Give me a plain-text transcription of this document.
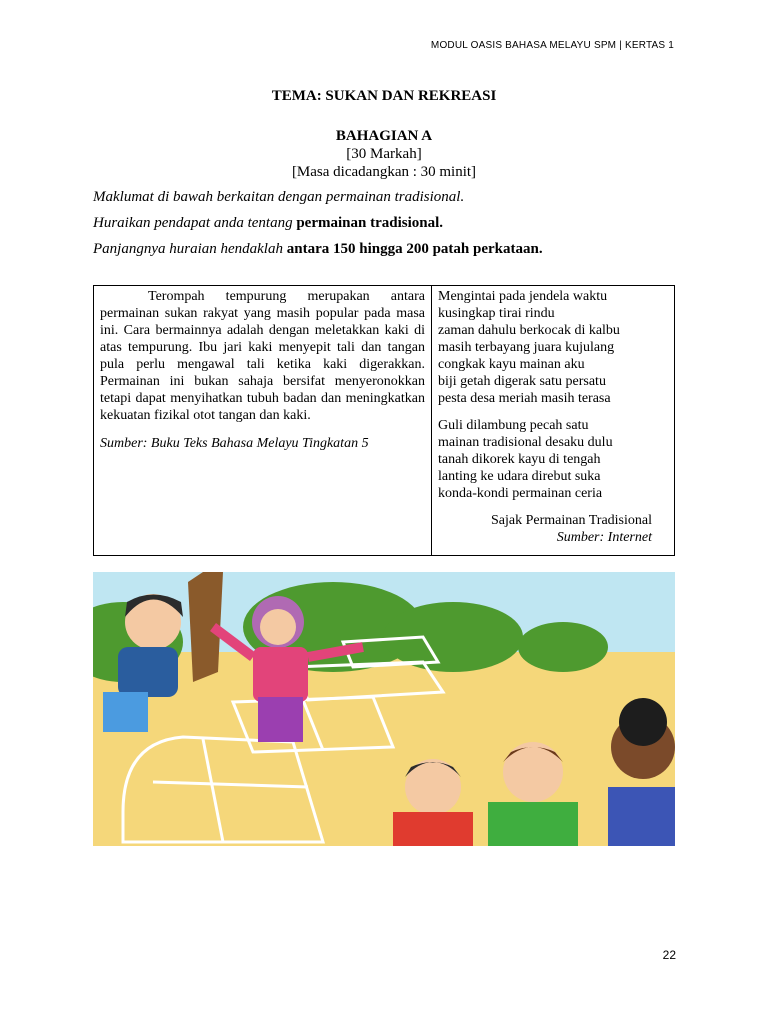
MODUL OASIS BAHASA MELAYU SPM | KERTAS 1
TEMA: SUKAN DAN REKREASI
BAHAGIAN A
[30 Markah]
[Masa dicadangkan : 30 minit]

Maklumat di bawah berkaitan dengan permainan tradisional.

Huraikan pendapat anda tentang permainan tradisional.

Panjangnya huraian hendaklah antara 150 hingga 200 patah perkataan.

Terompah tempurung merupakan antara permainan sukan rakyat yang masih popular pada masa ini. Cara bermainnya adalah dengan meletakkan kaki di atas tempurung. Ibu jari kaki menyepit tali dan tangan pula perlu mengawal tali ketika kaki digerakkan. Permainan ini bukan sahaja bersifat menyeronokkan tetapi dapat menyihatkan tubuh badan dan meningkatkan kekuatan fizikal otot tangan dan kaki.
Sumber: Buku Teks Bahasa Melayu Tingkatan 5

Mengintai pada jendela waktu
kusingkap tirai rindu
zaman dahulu berkocak di kalbu
masih terbayang juara kujulang
congkak kayu mainan aku
biji getah digerak satu persatu
pesta desa meriah masih terasa
Guli dilambung pecah satu
mainan tradisional desaku dulu
tanah dikorek kayu di tengah
lanting ke udara direbut suka
konda-kondi permainan ceria
Sajak Permainan Tradisional
Sumber: Internet
22
